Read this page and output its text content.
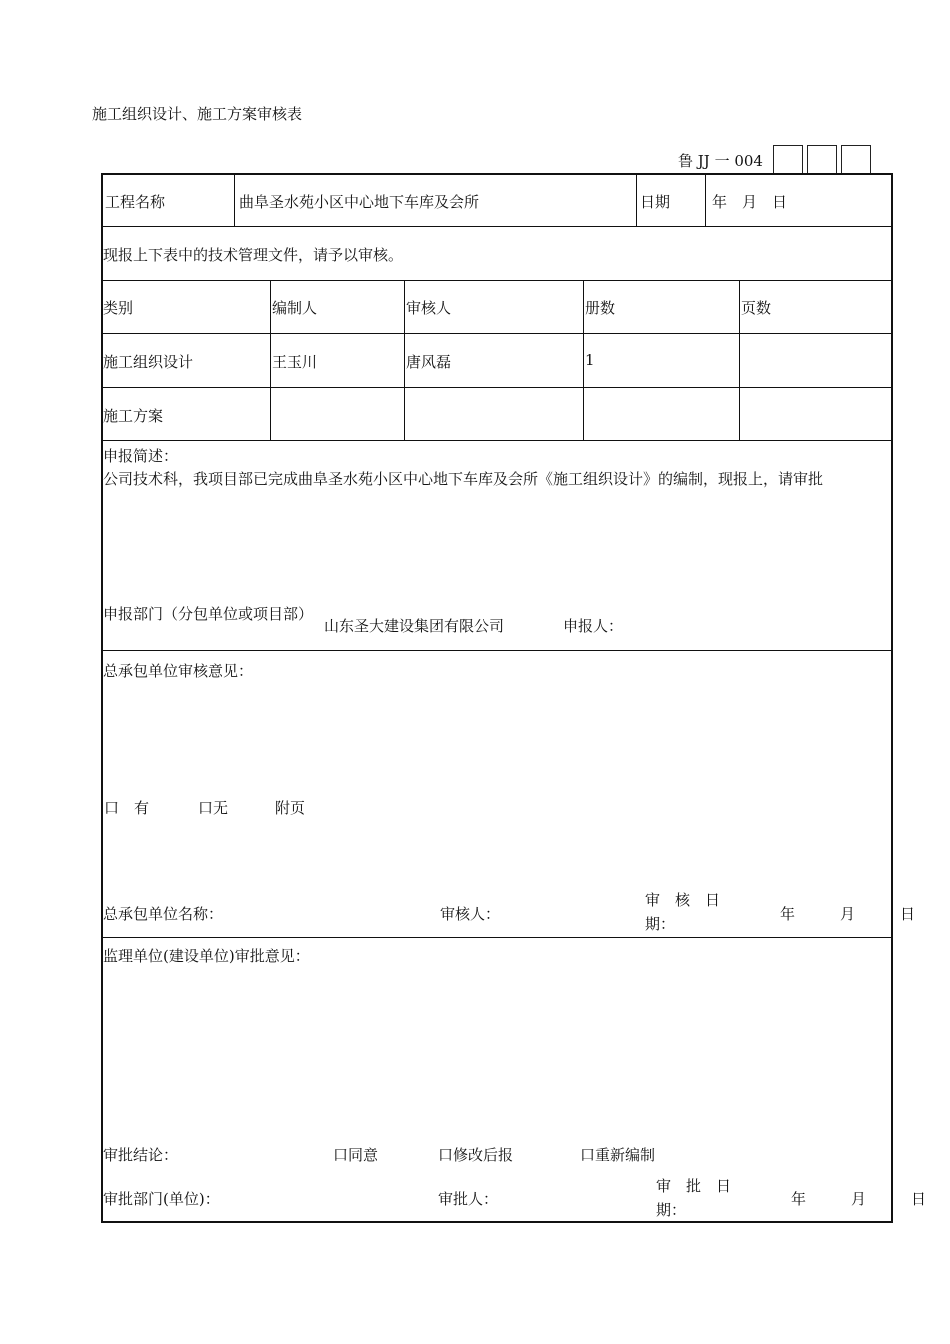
施工组织设计、施工方案审核表
鲁 JJ 一 004
工程名称	曲阜圣水苑小区中心地下车库及会所	日期	年　月　日
现报上下表中的技术管理文件，请予以审核。
类别	编制人	审核人	册数	页数
施工组织设计	王玉川	唐风磊	1
施工方案
申报简述：
公司技术科，我项目部已完成曲阜圣水苑小区中心地下车库及会所《施工组织设计》的编制，现报上，请审批
申报部门（分包单位或项目部）
山东圣大建设集团有限公司	申报人：
总承包单位审核意见：
口　有	口无	附页
总承包单位名称：	审核人：
审　核　日期：
年　　　月　　　日
监理单位(建设单位)审批意见：
审批结论：	口同意	口修改后报	口重新编制
审批部门(单位)：	审批人：
审　批　日期：
年　　　月　　　日
